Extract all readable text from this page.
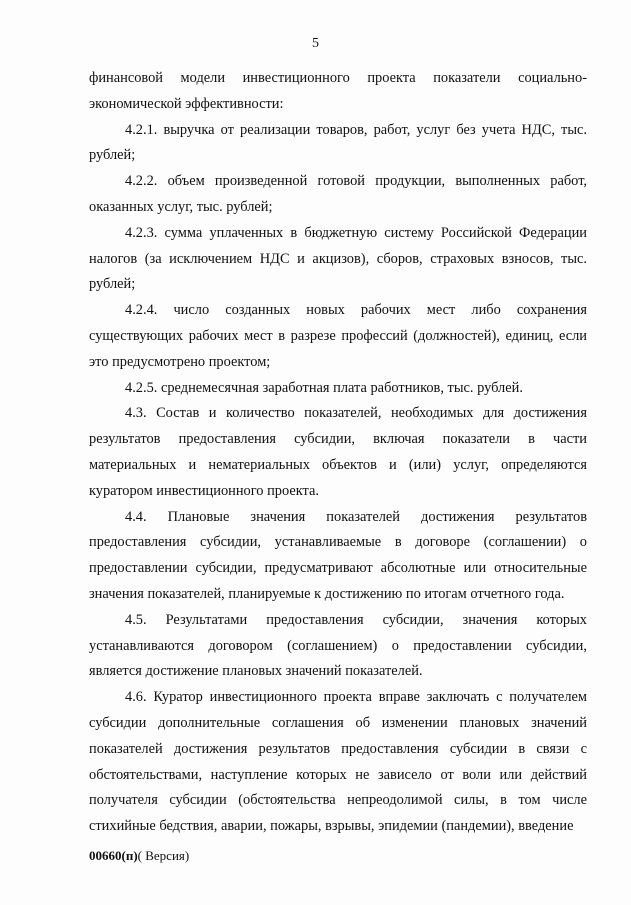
5

финансовой модели инвестиционного проекта показатели социально-экономической эффективности:

4.2.1. выручка от реализации товаров, работ, услуг без учета НДС, тыс. рублей;

4.2.2. объем произведенной готовой продукции, выполненных работ, оказанных услуг, тыс. рублей;

4.2.3. сумма уплаченных в бюджетную систему Российской Федерации налогов (за исключением НДС и акцизов), сборов, страховых взносов, тыс. рублей;

4.2.4. число созданных новых рабочих мест либо сохранения существующих рабочих мест в разрезе профессий (должностей), единиц, если это предусмотрено проектом;

4.2.5. среднемесячная заработная плата работников, тыс. рублей.

4.3. Состав и количество показателей, необходимых для достижения результатов предоставления субсидии, включая показатели в части материальных и нематериальных объектов и (или) услуг, определяются куратором инвестиционного проекта.

4.4. Плановые значения показателей достижения результатов предоставления субсидии, устанавливаемые в договоре (соглашении) о предоставлении субсидии, предусматривают абсолютные или относительные значения показателей, планируемые к достижению по итогам отчетного года.

4.5. Результатами предоставления субсидии, значения которых устанавливаются договором (соглашением) о предоставлении субсидии, является достижение плановых значений показателей.

4.6. Куратор инвестиционного проекта вправе заключать с получателем субсидии дополнительные соглашения об изменении плановых значений показателей достижения результатов предоставления субсидии в связи с обстоятельствами, наступление которых не зависело от воли или действий получателя субсидии (обстоятельства непреодолимой силы, в том числе стихийные бедствия, аварии, пожары, взрывы, эпидемии (пандемии), введение

00660(п)( Версия)
